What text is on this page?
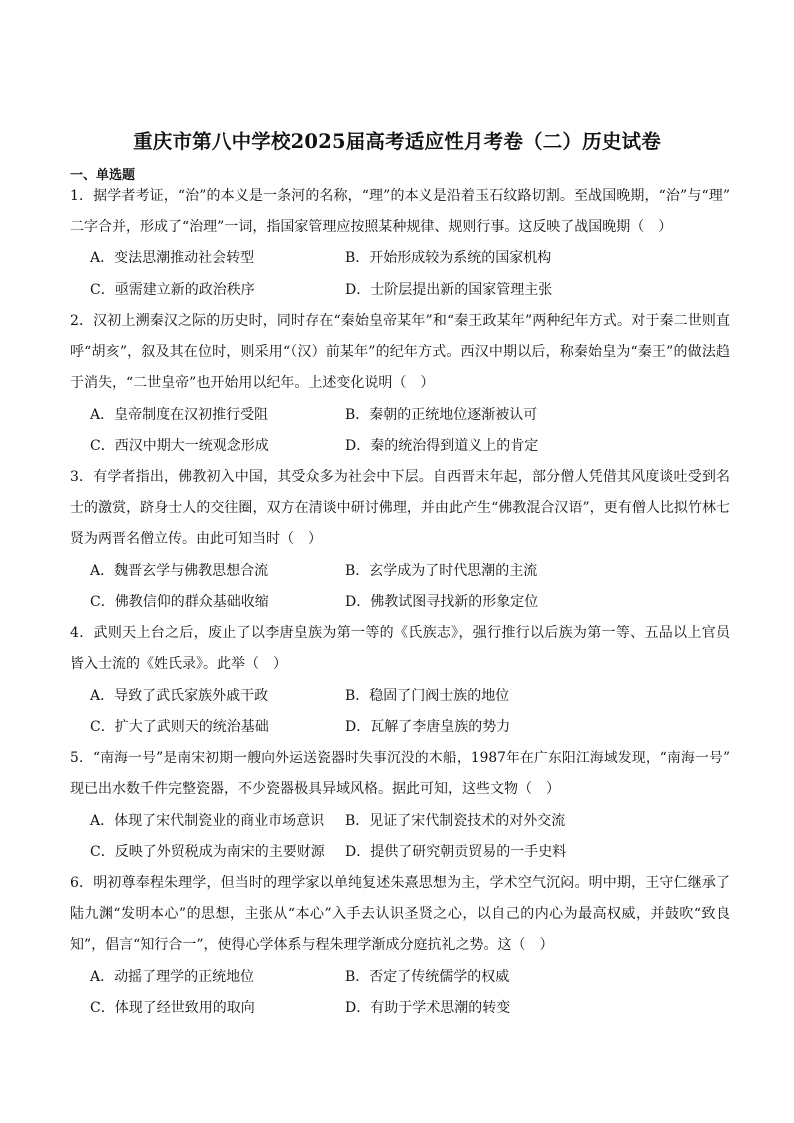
重庆市第八中学校2025届高考适应性月考卷（二）历史试卷
一、单选题
1．据学者考证，“治”的本义是一条河的名称，“理”的本义是沿着玉石纹路切割。至战国晚期，“治”与“理”
二字合并，形成了“治理”一词，指国家管理应按照某种规律、规则行事。这反映了战国晚期（　）
A．变法思潮推动社会转型	B．开始形成较为系统的国家机构
C．亟需建立新的政治秩序	D．士阶层提出新的国家管理主张
2．汉初上溯秦汉之际的历史时，同时存在“秦始皇帝某年”和“秦王政某年”两种纪年方式。对于秦二世则直
呼“胡亥”，叙及其在位时，则采用“（汉）前某年”的纪年方式。西汉中期以后，称秦始皇为“秦王”的做法趋
于消失，“二世皇帝”也开始用以纪年。上述变化说明（　）
A．皇帝制度在汉初推行受阻	B．秦朝的正统地位逐渐被认可
C．西汉中期大一统观念形成	D．秦的统治得到道义上的肯定
3．有学者指出，佛教初入中国，其受众多为社会中下层。自西晋末年起，部分僧人凭借其风度谈吐受到名
士的激赏，跻身士人的交往圈，双方在清谈中研讨佛理，并由此产生“佛教混合汉语”，更有僧人比拟竹林七
贤为两晋名僧立传。由此可知当时（　）
A．魏晋玄学与佛教思想合流	B．玄学成为了时代思潮的主流
C．佛教信仰的群众基础收缩	D．佛教试图寻找新的形象定位
4．武则天上台之后，废止了以李唐皇族为第一等的《氏族志》，强行推行以后族为第一等、五品以上官员
皆入士流的《姓氏录》。此举（　）
A．导致了武氏家族外戚干政	B．稳固了门阀士族的地位
C．扩大了武则天的统治基础	D．瓦解了李唐皇族的势力
5．“南海一号”是南宋初期一艘向外运送瓷器时失事沉没的木船，1987年在广东阳江海域发现，“南海一号”
现已出水数千件完整瓷器，不少瓷器极具异域风格。据此可知，这些文物（　）
A．体现了宋代制瓷业的商业市场意识 B．见证了宋代制瓷技术的对外交流
C．反映了外贸税成为南宋的主要财源 D．提供了研究朝贡贸易的一手史料
6．明初尊奉程朱理学，但当时的理学家以单纯复述朱熹思想为主，学术空气沉闷。明中期，王守仁继承了
陆九渊“发明本心”的思想，主张从“本心”入手去认识圣贤之心，以自己的内心为最高权威，并鼓吹“致良
知”，倡言“知行合一”，使得心学体系与程朱理学渐成分庭抗礼之势。这（　）
A．动摇了理学的正统地位	B．否定了传统儒学的权威
C．体现了经世致用的取向	D．有助于学术思潮的转变
